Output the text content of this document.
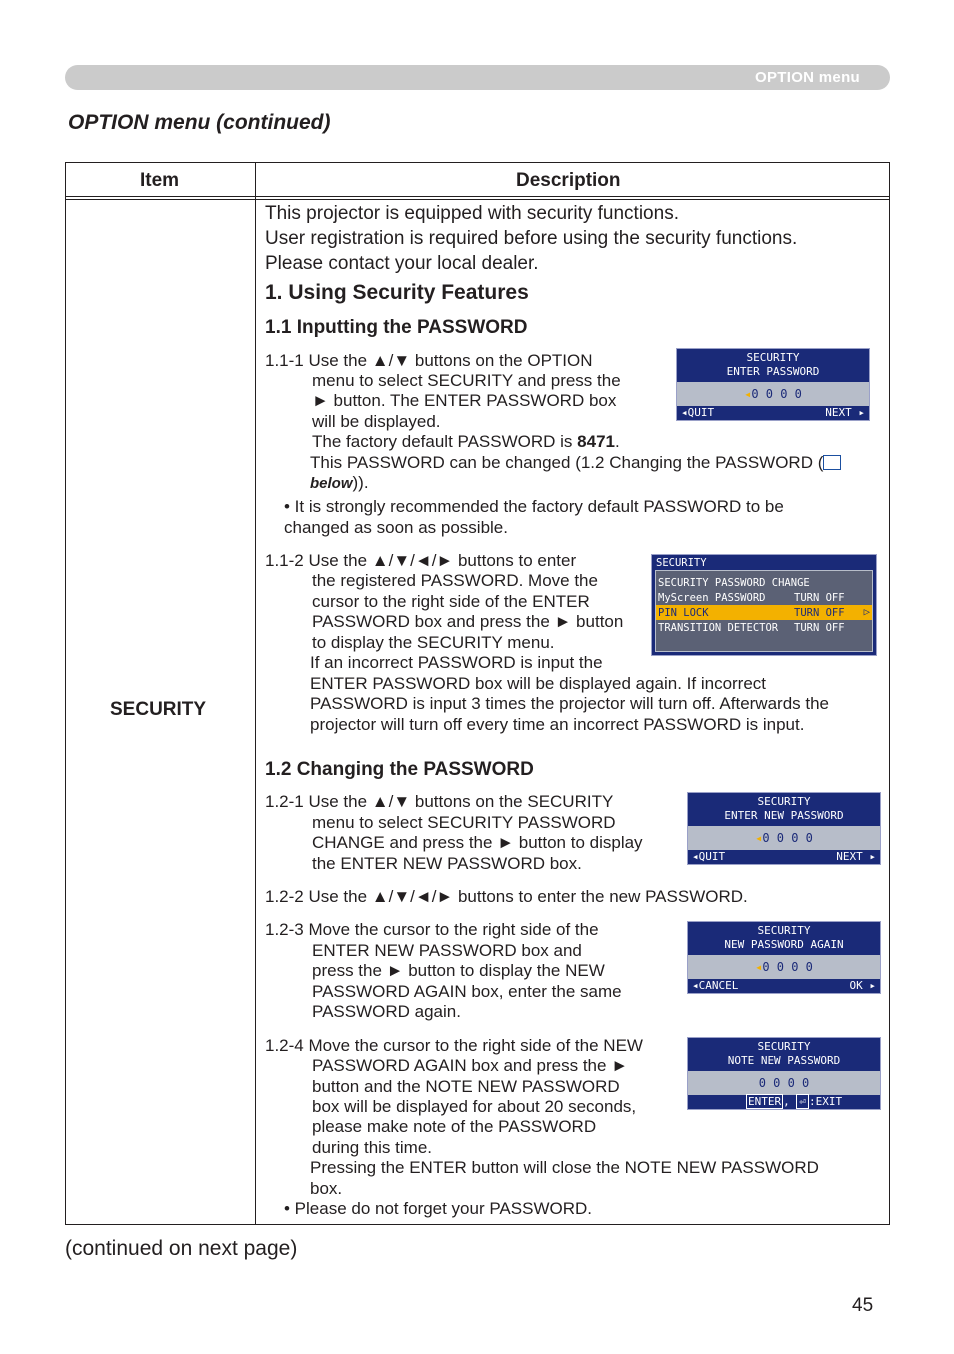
OPTION menu
OPTION menu (continued)
Item	Description
SECURITY
This projector is equipped with security functions.
User registration is required before using the security functions.
Please contact your local dealer.
1. Using Security Features
1.1 Inputting the PASSWORD
1.1-1 Use the ▲/▼ buttons on the OPTION
menu to select SECURITY and press the
► button. The ENTER PASSWORD box
will be displayed.
The factory default PASSWORD is 8471.
This PASSWORD can be changed (1.2 Changing the PASSWORD (
below)).
• It is strongly recommended the factory default PASSWORD to be
changed as soon as possible.
SECURITY
ENTER PASSWORD
◂0 0 0 0
◂QUIT	NEXT ▸
1.1-2 Use the ▲/▼/◄/► buttons to enter
the registered PASSWORD. Move the
cursor to the right side of the ENTER
PASSWORD box and press the ► button
to display the SECURITY menu.
If an incorrect PASSWORD is input the
ENTER PASSWORD box will be displayed again. If incorrect
PASSWORD is input 3 times the projector will turn off. Afterwards the
projector will turn off every time an incorrect PASSWORD is input.
SECURITY
SECURITY PASSWORD CHANGE
MyScreen PASSWORD	TURN OFF
PIN LOCK	TURN OFF ▷
TRANSITION DETECTOR TURN OFF
1.2 Changing the PASSWORD
1.2-1 Use the ▲/▼ buttons on the SECURITY
menu to select SECURITY PASSWORD
CHANGE and press the ► button to display
the ENTER NEW PASSWORD box.
SECURITY
ENTER NEW PASSWORD
◂0 0 0 0
◂QUIT	NEXT ▸
1.2-2 Use the ▲/▼/◄/► buttons to enter the new PASSWORD.
1.2-3 Move the cursor to the right side of the
ENTER NEW PASSWORD box and
press the ► button to display the NEW
PASSWORD AGAIN box, enter the same
PASSWORD again.
SECURITY
NEW PASSWORD AGAIN
◂0 0 0 0
◂CANCEL	OK ▸
1.2-4 Move the cursor to the right side of the NEW
PASSWORD AGAIN box and press the ►
button and the NOTE NEW PASSWORD
box will be displayed for about 20 seconds,
please make note of the PASSWORD
during this time.
Pressing the ENTER button will close the NOTE NEW PASSWORD
box.
• Please do not forget your PASSWORD.
SECURITY
NOTE NEW PASSWORD
0 0 0 0
ENTER , ⏎ :EXIT
(continued on next page)
45
